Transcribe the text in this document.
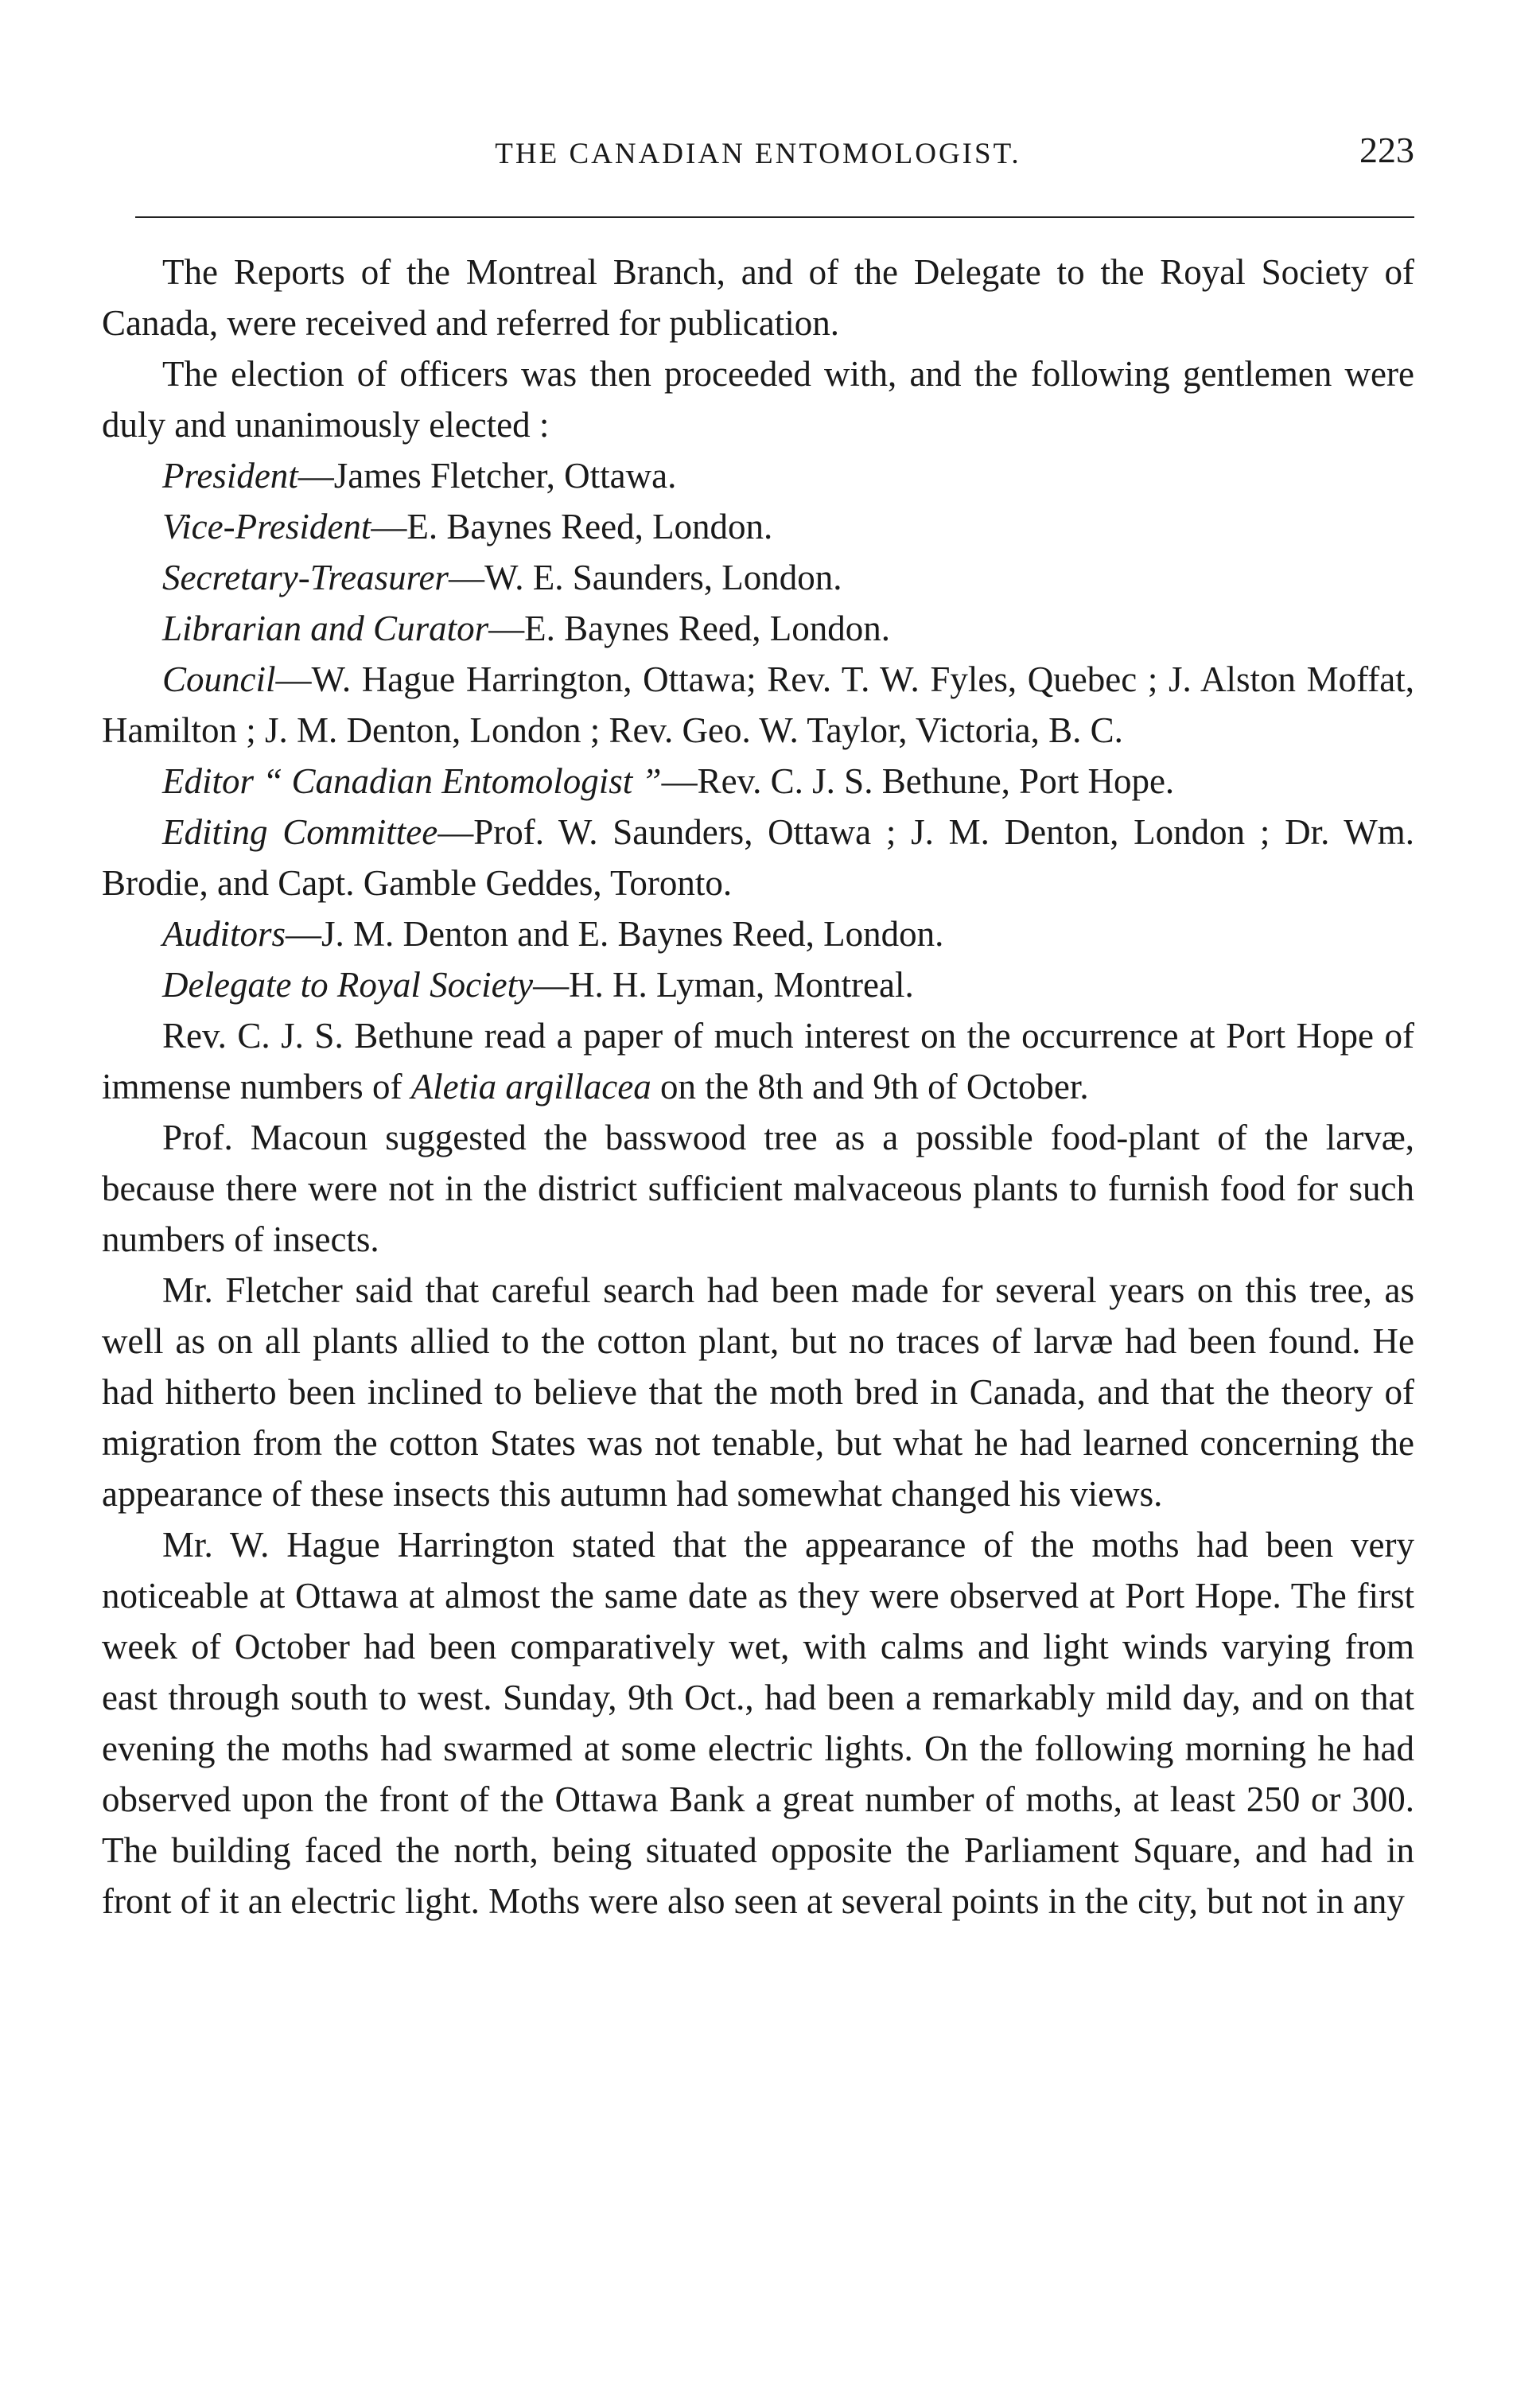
THE CANADIAN ENTOMOLOGIST.	223

The Reports of the Montreal Branch, and of the Delegate to the Royal Society of Canada, were received and referred for publication.

The election of officers was then proceeded with, and the following gentlemen were duly and unanimously elected :

President—James Fletcher, Ottawa.

Vice-President—E. Baynes Reed, London.

Secretary-Treasurer—W. E. Saunders, London.

Librarian and Curator—E. Baynes Reed, London.

Council—W. Hague Harrington, Ottawa; Rev. T. W. Fyles, Quebec ; J. Alston Moffat, Hamilton ; J. M. Denton, London ; Rev. Geo. W. Taylor, Victoria, B. C.

Editor “ Canadian Entomologist ”—Rev. C. J. S. Bethune, Port Hope.

Editing Committee—Prof. W. Saunders, Ottawa ; J. M. Denton, London ; Dr. Wm. Brodie, and Capt. Gamble Geddes, Toronto.

Auditors—J. M. Denton and E. Baynes Reed, London.

Delegate to Royal Society—H. H. Lyman, Montreal.

Rev. C. J. S. Bethune read a paper of much interest on the occurrence at Port Hope of immense numbers of Aletia argillacea on the 8th and 9th of October.

Prof. Macoun suggested the basswood tree as a possible food-plant of the larvæ, because there were not in the district sufficient malvaceous plants to furnish food for such numbers of insects.

Mr. Fletcher said that careful search had been made for several years on this tree, as well as on all plants allied to the cotton plant, but no traces of larvæ had been found. He had hitherto been inclined to believe that the moth bred in Canada, and that the theory of migration from the cotton States was not tenable, but what he had learned concerning the appearance of these insects this autumn had somewhat changed his views.

Mr. W. Hague Harrington stated that the appearance of the moths had been very noticeable at Ottawa at almost the same date as they were observed at Port Hope. The first week of October had been comparatively wet, with calms and light winds varying from east through south to west. Sunday, 9th Oct., had been a remarkably mild day, and on that evening the moths had swarmed at some electric lights. On the following morning he had observed upon the front of the Ottawa Bank a great number of moths, at least 250 or 300. The building faced the north, being situated opposite the Parliament Square, and had in front of it an electric light. Moths were also seen at several points in the city, but not in any
